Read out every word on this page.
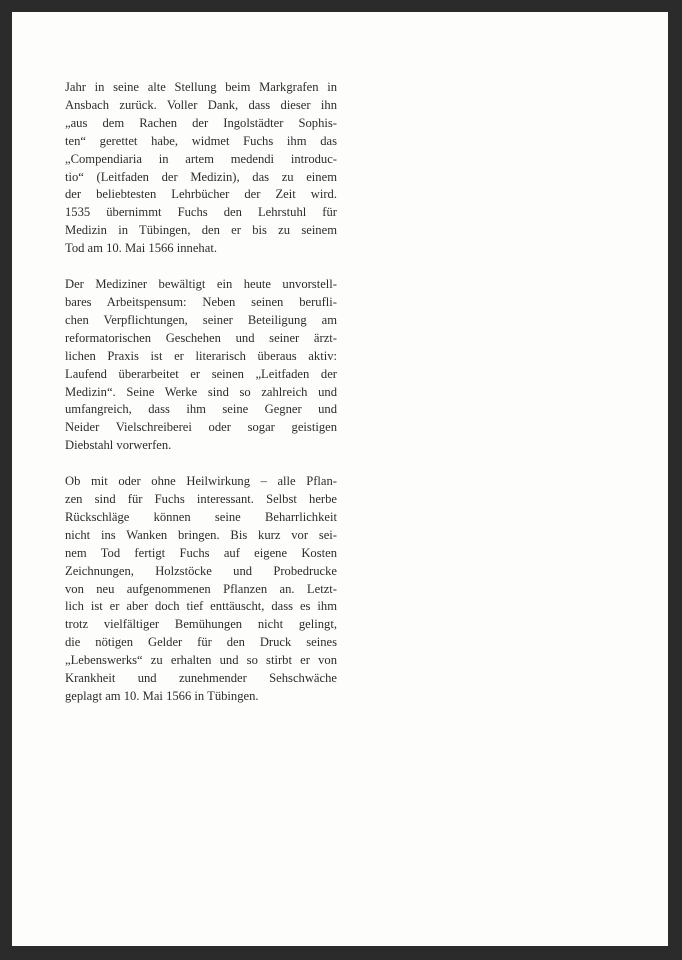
Jahr in seine alte Stellung beim Markgrafen in
Ansbach zurück. Voller Dank, dass dieser ihn
„aus dem Rachen der Ingolstädter Sophis-
ten“ gerettet habe, widmet Fuchs ihm das
„Compendiaria in artem medendi introduc-
tio“ (Leitfaden der Medizin), das zu einem
der beliebtesten Lehrbücher der Zeit wird.
1535 übernimmt Fuchs den Lehrstuhl für
Medizin in Tübingen, den er bis zu seinem
Tod am 10. Mai 1566 innehat.

Der Mediziner bewältigt ein heute unvorstell-
bares Arbeitspensum: Neben seinen berufli-
chen Verpflichtungen, seiner Beteiligung am
reformatorischen Geschehen und seiner ärzt-
lichen Praxis ist er literarisch überaus aktiv:
Laufend überarbeitet er seinen „Leitfaden der
Medizin“. Seine Werke sind so zahlreich und
umfangreich, dass ihm seine Gegner und
Neider Vielschreiberei oder sogar geistigen
Diebstahl vorwerfen.

Ob mit oder ohne Heilwirkung – alle Pflan-
zen sind für Fuchs interessant. Selbst herbe
Rückschläge können seine Beharrlichkeit
nicht ins Wanken bringen. Bis kurz vor sei-
nem Tod fertigt Fuchs auf eigene Kosten
Zeichnungen, Holzstöcke und Probedrucke
von neu aufgenommenen Pflanzen an. Letzt-
lich ist er aber doch tief enttäuscht, dass es ihm
trotz vielfältiger Bemühungen nicht gelingt,
die nötigen Gelder für den Druck seines
„Lebenswerks“ zu erhalten und so stirbt er von
Krankheit und zunehmender Sehschwäche
geplagt am 10. Mai 1566 in Tübingen.
